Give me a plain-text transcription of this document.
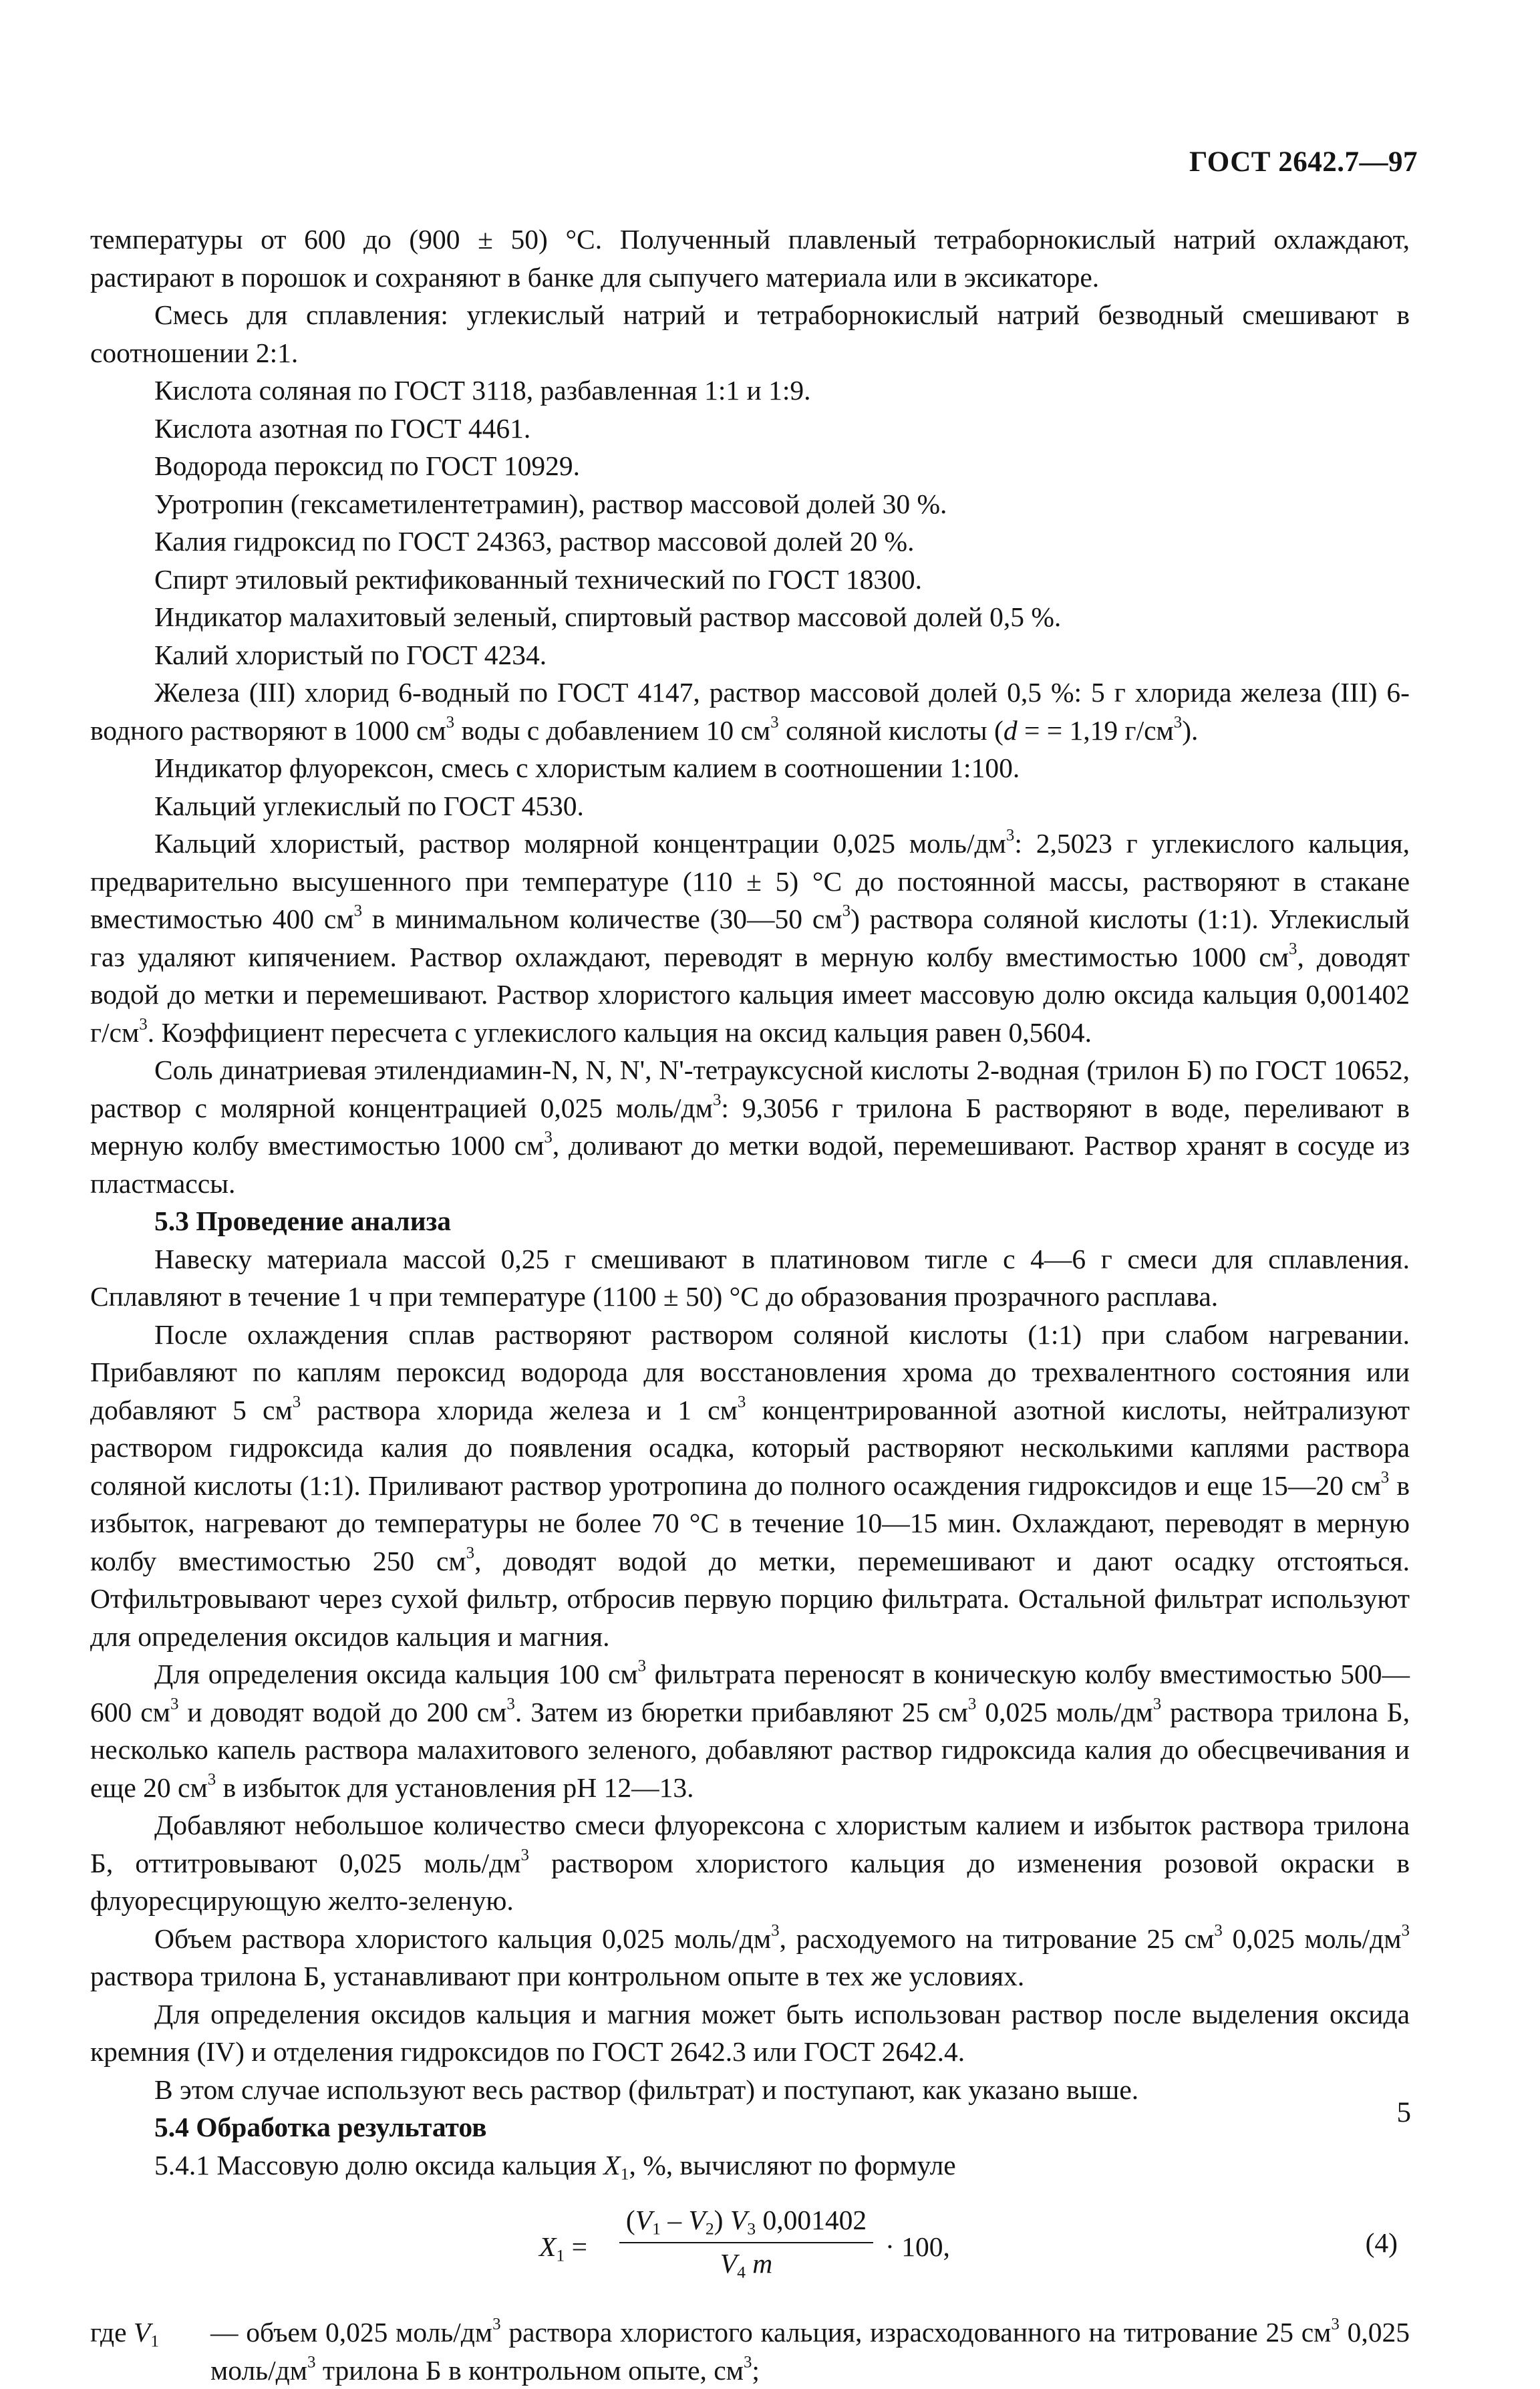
ГОСТ 2642.7—97

температуры от 600 до (900 ± 50) °С. Полученный плавленый тетраборнокислый натрий охлаждают, растирают в порошок и сохраняют в банке для сыпучего материала или в эксикаторе.

Смесь для сплавления: углекислый натрий и тетраборнокислый натрий безводный смешивают в соотношении 2:1.

Кислота соляная по ГОСТ 3118, разбавленная 1:1 и 1:9.

Кислота азотная по ГОСТ 4461.

Водорода пероксид по ГОСТ 10929.

Уротропин (гексаметилентетрамин), раствор массовой долей 30 %.

Калия гидроксид по ГОСТ 24363, раствор массовой долей 20 %.

Спирт этиловый ректификованный технический по ГОСТ 18300.

Индикатор малахитовый зеленый, спиртовый раствор массовой долей 0,5 %.

Калий хлористый по ГОСТ 4234.

Железа (III) хлорид 6-водный по ГОСТ 4147, раствор массовой долей 0,5 %: 5 г хлорида железа (III) 6-водного растворяют в 1000 $см^3$ воды с добавлением 10 $см^3$ соляной кислоты (d = = 1,19 $г/см^3$).

Индикатор флуорексон, смесь с хлористым калием в соотношении 1:100.

Кальций углекислый по ГОСТ 4530.

Кальций хлористый, раствор молярной концентрации 0,025 моль/$дм^3$: 2,5023 г углекислого кальция, предварительно высушенного при температуре (110 ± 5) °С до постоянной массы, растворяют в стакане вместимостью 400 $см^3$ в минимальном количестве (30—50 $см^3$) раствора соляной кислоты (1:1). Углекислый газ удаляют кипячением. Раствор охлаждают, переводят в мерную колбу вместимостью 1000 $см^3$, доводят водой до метки и перемешивают. Раствор хлористого кальция имеет массовую долю оксида кальция 0,001402 $г/см^3$. Коэффициент пересчета с углекислого кальция на оксид кальция равен 0,5604.

Соль динатриевая этилендиамин-N, N, N', N'-тетрауксусной кислоты 2-водная (трилон Б) по ГОСТ 10652, раствор с молярной концентрацией 0,025 моль/$дм^3$: 9,3056 г трилона Б растворяют в воде, переливают в мерную колбу вместимостью 1000 $см^3$, доливают до метки водой, перемешивают. Раствор хранят в сосуде из пластмассы.

5.3 Проведение анализа

Навеску материала массой 0,25 г смешивают в платиновом тигле с 4—6 г смеси для сплавления. Сплавляют в течение 1 ч при температуре (1100 ± 50) °С до образования прозрачного расплава.

После охлаждения сплав растворяют раствором соляной кислоты (1:1) при слабом нагревании. Прибавляют по каплям пероксид водорода для восстановления хрома до трехвалентного состояния или добавляют 5 $см^3$ раствора хлорида железа и 1 $см^3$ концентрированной азотной кислоты, нейтрализуют раствором гидроксида калия до появления осадка, который растворяют несколькими каплями раствора соляной кислоты (1:1). Приливают раствор уротропина до полного осаждения гидроксидов и еще 15—20 $см^3$ в избыток, нагревают до температуры не более 70 °С в течение 10—15 мин. Охлаждают, переводят в мерную колбу вместимостью 250 $см^3$, доводят водой до метки, перемешивают и дают осадку отстояться. Отфильтровывают через сухой фильтр, отбросив первую порцию фильтрата. Остальной фильтрат используют для определения оксидов кальция и магния.

Для определения оксида кальция 100 $см^3$ фильтрата переносят в коническую колбу вместимостью 500—600 $см^3$ и доводят водой до 200 $см^3$. Затем из бюретки прибавляют 25 $см^3$ 0,025 моль/$дм^3$ раствора трилона Б, несколько капель раствора малахитового зеленого, добавляют раствор гидроксида калия до обесцвечивания и еще 20 $см^3$ в избыток для установления pH 12—13.

Добавляют небольшое количество смеси флуорексона с хлористым калием и избыток раствора трилона Б, оттитровывают 0,025 моль/$дм^3$ раствором хлористого кальция до изменения розовой окраски в флуоресцирующую желто-зеленую.

Объем раствора хлористого кальция 0,025 моль/$дм^3$, расходуемого на титрование 25 $см^3$ 0,025 моль/$дм^3$ раствора трилона Б, устанавливают при контрольном опыте в тех же условиях.

Для определения оксидов кальция и магния может быть использован раствор после выделения оксида кремния (IV) и отделения гидроксидов по ГОСТ 2642.3 или ГОСТ 2642.4.

В этом случае используют весь раствор (фильтрат) и поступают, как указано выше.

5.4 Обработка результатов

5.4.1 Массовую долю оксида кальция $X_1$, %, вычисляют по формуле

$X_1$ =
$(V_1 - V_2)$ $V_3$ 0,001402
$V_4$ m
· 100,	(4)

где $V_1$ — объем 0,025 моль/$дм^3$ раствора хлористого кальция, израсходованного на титрование 25 $см^3$ 0,025 моль/$дм^3$ трилона Б в контрольном опыте, $см^3$;

5
